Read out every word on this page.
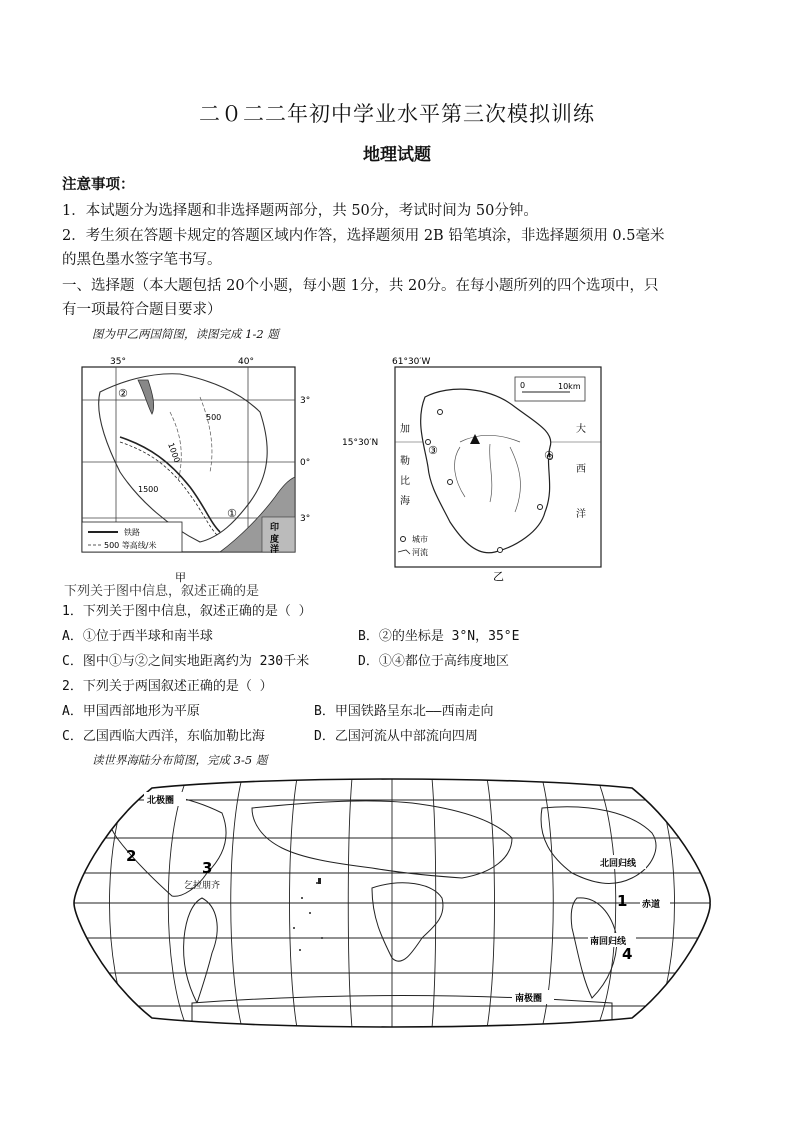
二０二二年初中学业水平第三次模拟训练
地理试题
注意事项：
1．本试题分为选择题和非选择题两部分，共 50分，考试时间为 50分钟。
2．考生须在答题卡规定的答题区域内作答，选择题须用 2B 铅笔填涂，非选择题须用 0.5毫米
的黑色墨水签字笔书写。
一、选择题（本大题包括 20个小题，每小题 1分，共 20分。在每小题所列的四个选项中，只
有一项最符合题目要求）
图为甲乙两国简图，读图完成 1-2 题
35°	40°
3°
0°
3°
1000
500
1500
印
度
洋
①
②
铁路
500 等高线/米
甲
61°30′W
15°30′N
0	10km
③	④
加
勒
比
海
大
西
洋
城市
河流
乙
下列关于图中信息，叙述正确的是
1．下列关于图中信息，叙述正确的是（ ）
A．①位于西半球和南半球	B．②的坐标是 3°N，35°E
C．图中①与②之间实地距离约为 230千米	D．①④都位于高纬度地区
2．下列关于两国叙述正确的是（ ）
A．甲国西部地形为平原	B．甲国铁路呈东北——西南走向
C．乙国西临大西洋，东临加勒比海	D．乙国河流从中部流向四周
读世界海陆分布简图，完成 3-5 题
北极圈
北回归线
赤道
南回归线
南极圈
1
2
3
4
乞拉朋齐
